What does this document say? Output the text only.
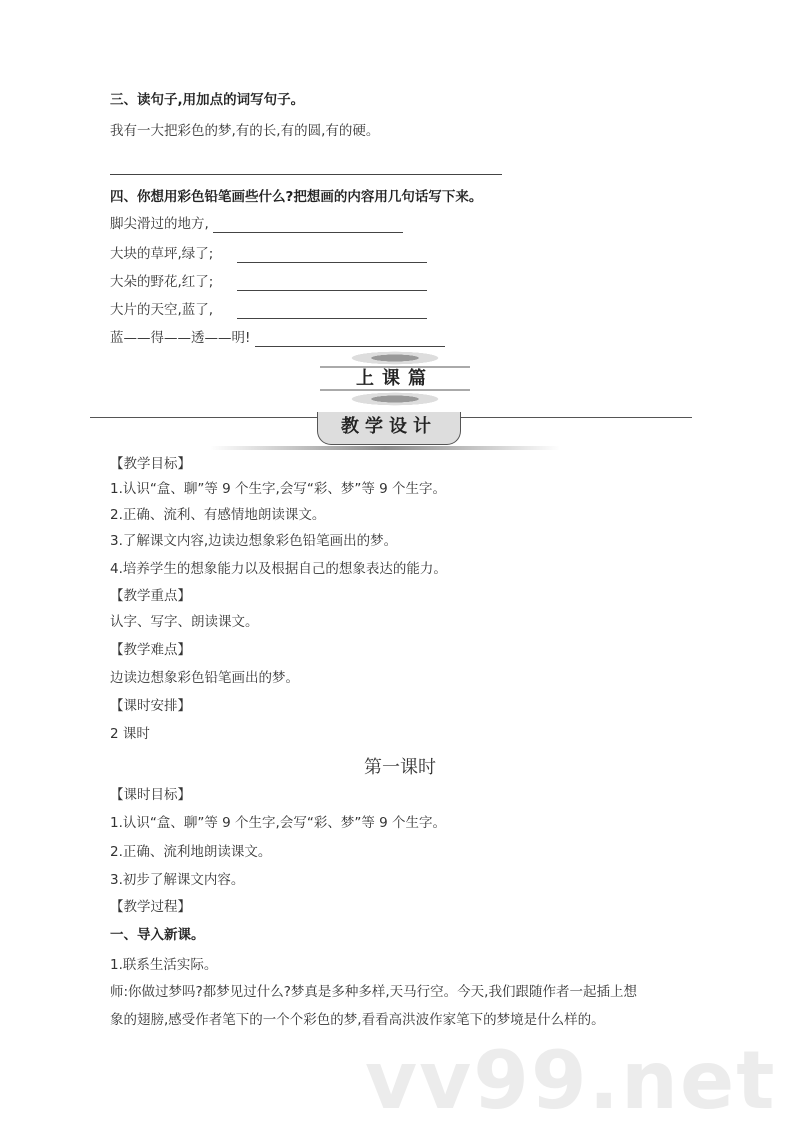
三、读句子,用加点的词写句子。
我有一大把彩色的梦,有的长,有的圆,有的硬。
四、你想用彩色铅笔画些什么?把想画的内容用几句话写下来。
脚尖滑过的地方,
大块的草坪,绿了;
大朵的野花,红了;
大片的天空,蓝了,
蓝——得——透——明!
上课篇
教学设计
【教学目标】
1.认识“盒、聊”等 9 个生字,会写“彩、梦”等 9 个生字。
2.正确、流利、有感情地朗读课文。
3.了解课文内容,边读边想象彩色铅笔画出的梦。
4.培养学生的想象能力以及根据自己的想象表达的能力。
【教学重点】
认字、写字、朗读课文。
【教学难点】
边读边想象彩色铅笔画出的梦。
【课时安排】
2 课时
第一课时
【课时目标】
1.认识“盒、聊”等 9 个生字,会写“彩、梦”等 9 个生字。
2.正确、流利地朗读课文。
3.初步了解课文内容。
【教学过程】
一、导入新课。
1.联系生活实际。
师:你做过梦吗?都梦见过什么?梦真是多种多样,天马行空。今天,我们跟随作者一起插上想
象的翅膀,感受作者笔下的一个个彩色的梦,看看高洪波作家笔下的梦境是什么样的。
vv99.net
